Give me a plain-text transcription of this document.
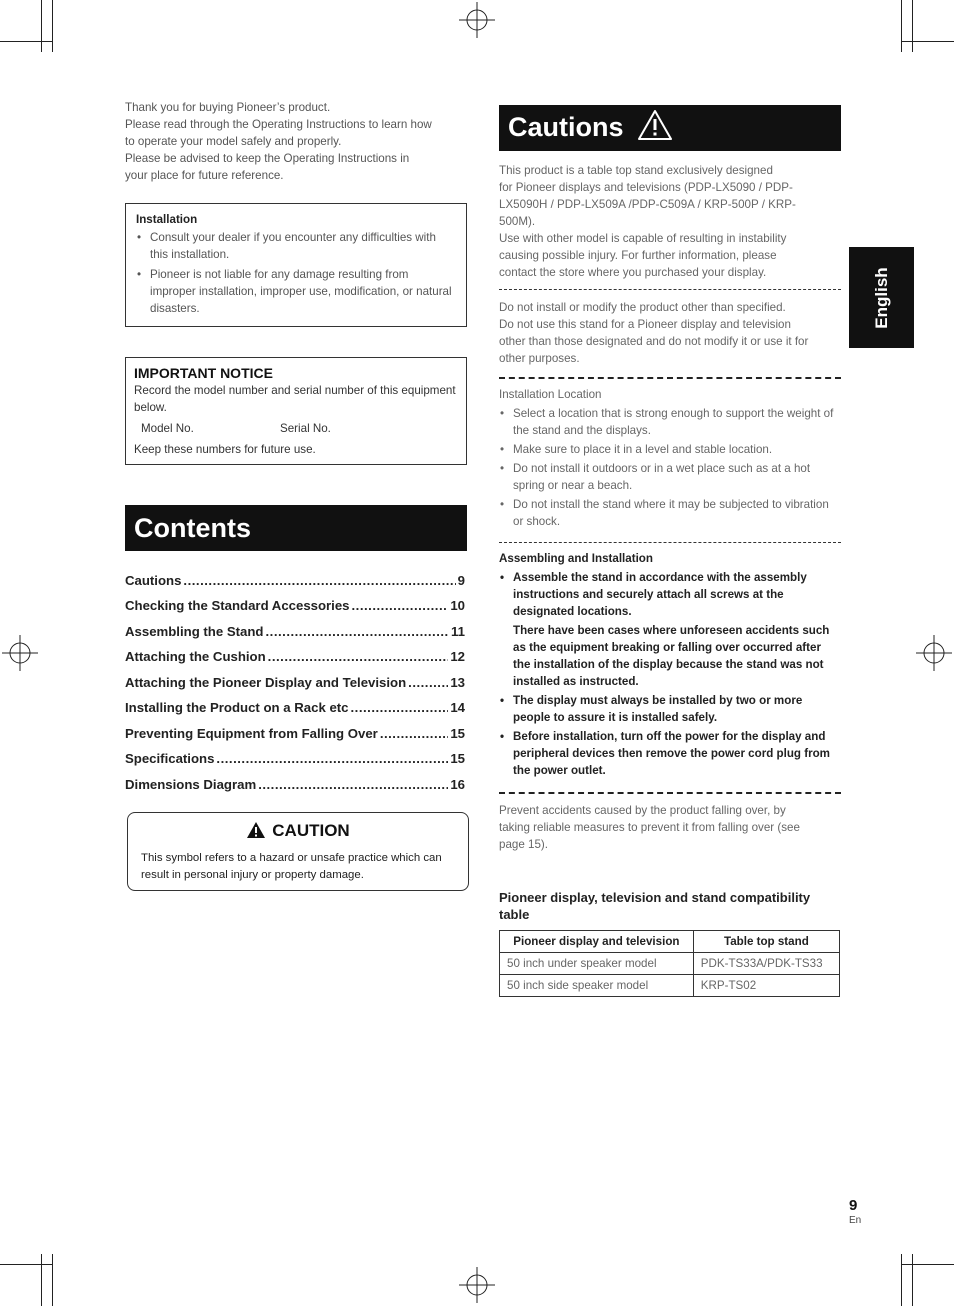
Thank you for buying Pioneer’s product.
Please read through the Operating Instructions to learn how
to operate your model safely and properly.
Please be advised to keep the Operating Instructions in
your place for future reference.
Installation
• Consult your dealer if you encounter any difficulties with this installation.
• Pioneer is not liable for any damage resulting from improper installation, improper use, modification, or natural disasters.
IMPORTANT NOTICE
Record the model number and serial number of this equipment below.
Model No.	Serial No.
Keep these numbers for future use.
Contents
Cautions .....	9
Checking the Standard Accessories .....	10
Assembling the Stand .....	11
Attaching the Cushion .....	12
Attaching the Pioneer Display and Television .....	13
Installing the Product on a Rack etc .....	14
Preventing Equipment from Falling Over .....	15
Specifications .....	15
Dimensions Diagram .....	16
CAUTION
This symbol refers to a hazard or unsafe practice which can result in personal injury or property damage.
Cautions
This product is a table top stand exclusively designed
for Pioneer displays and televisions (PDP-LX5090 / PDP-
LX5090H / PDP-LX509A /PDP-C509A / KRP-500P / KRP-
500M).
Use with other model is capable of resulting in instability
causing possible injury. For further information, please
contact the store where you purchased your display.
Do not install or modify the product other than specified.
Do not use this stand for a Pioneer display and television
other than those designated and do not modify it or use it for
other purposes.
Installation Location
• Select a location that is strong enough to support the weight of the stand and the displays.
• Make sure to place it in a level and stable location.
• Do not install it outdoors or in a wet place such as at a hot spring or near a beach.
• Do not install the stand where it may be subjected to vibration or shock.
Assembling and Installation
• Assemble the stand in accordance with the assembly instructions and securely attach all screws at the designated locations.
There have been cases where unforeseen accidents such as the equipment breaking or falling over occurred after the installation of the display because the stand was not installed as instructed.
• The display must always be installed by two or more people to assure it is installed safely.
• Before installation, turn off the power for the display and peripheral devices then remove the power cord plug from the power outlet.
Prevent accidents caused by the product falling over, by
taking reliable measures to prevent it from falling over (see
page 15).
Pioneer display, television and stand compatibility table
Pioneer display and television	Table top stand
50 inch under speaker model	PDK-TS33A/PDK-TS33
50 inch side speaker model	KRP-TS02
English
9
En
